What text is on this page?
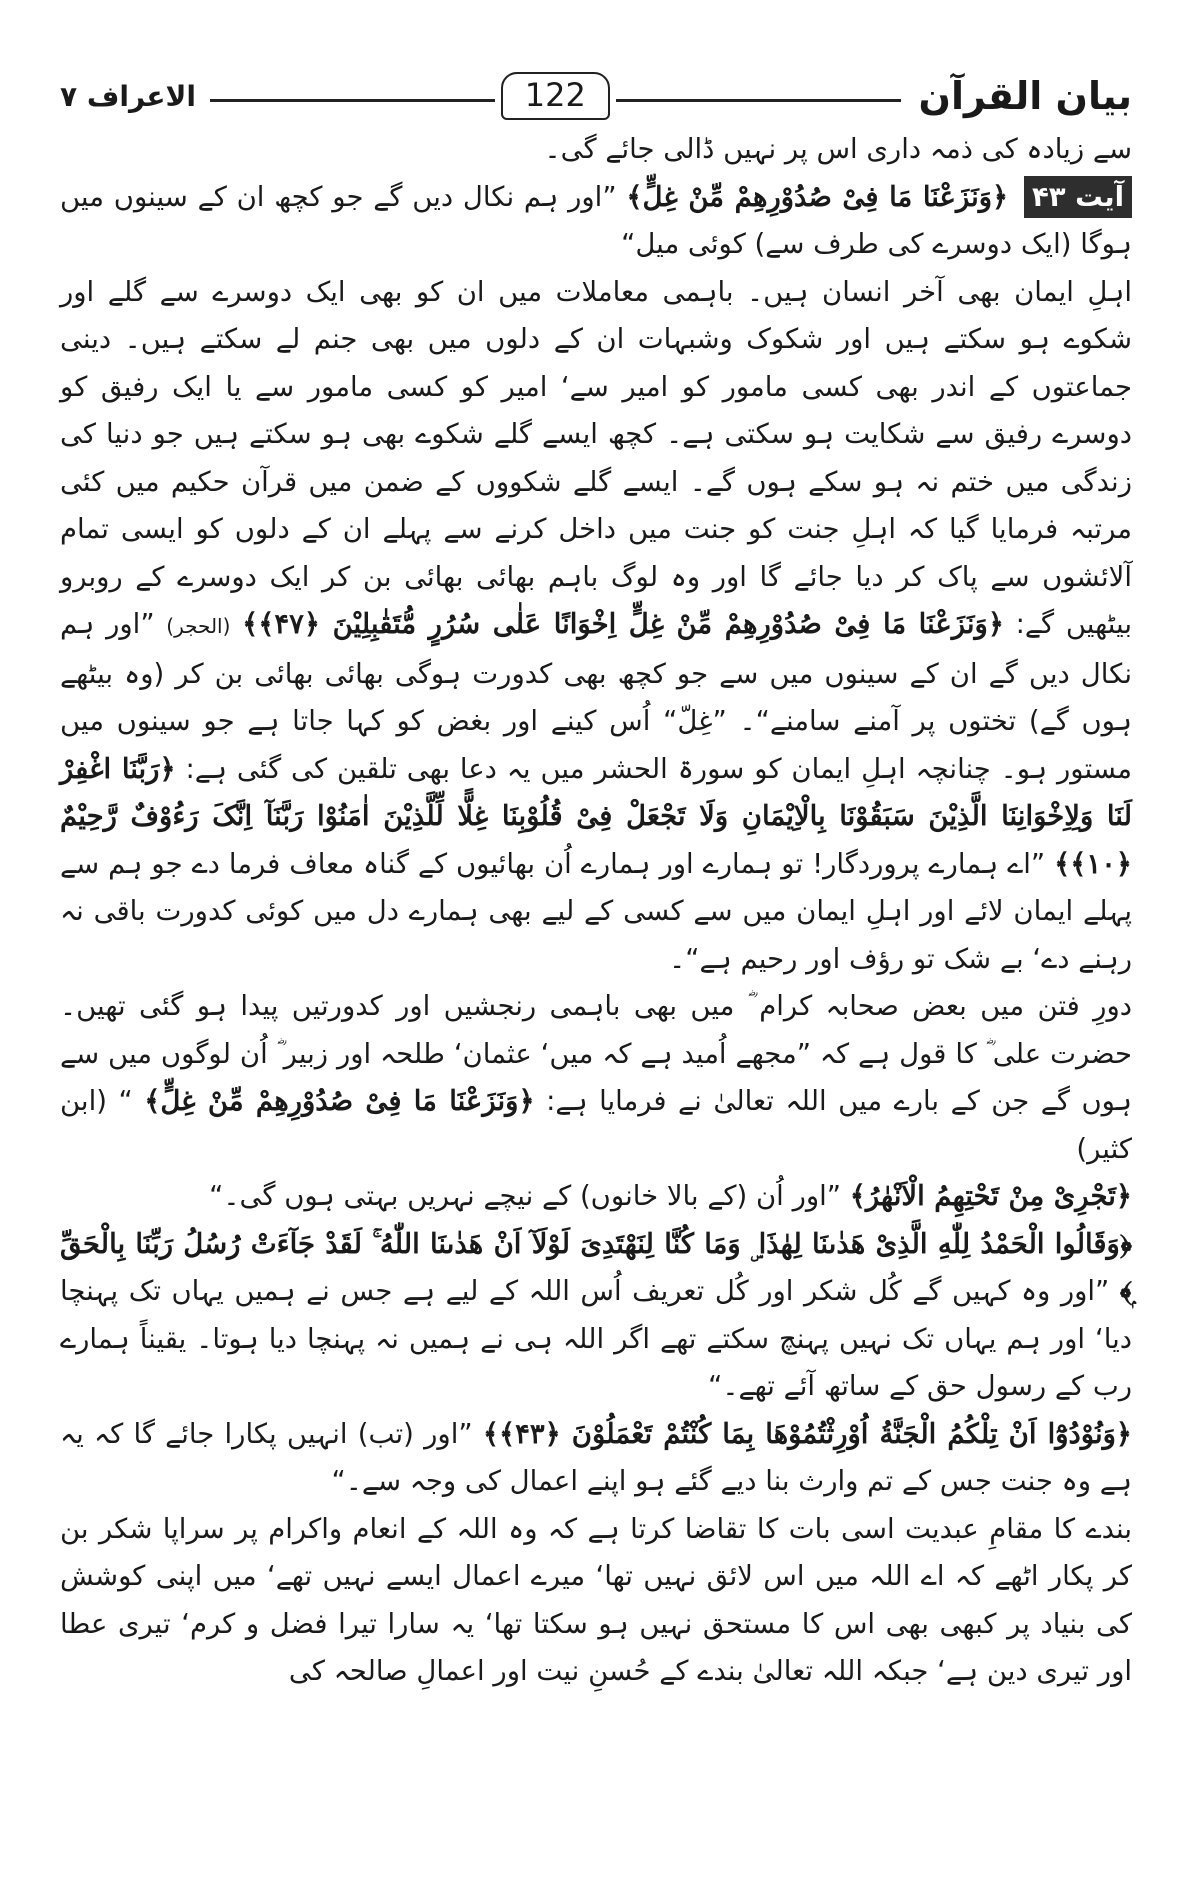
بیان القرآن
122
الاعراف ۷

سے زیادہ کی ذمہ داری اس پر نہیں ڈالی جائے گی۔

آیت ۴۳ ﴿وَنَزَعْنَا مَا فِیْ صُدُوْرِهِمْ مِّنْ غِلٍّ﴾ ”اور ہم نکال دیں گے جو کچھ ان کے سینوں میں ہوگا (ایک دوسرے کی طرف سے) کوئی میل“

اہلِ ایمان بھی آخر انسان ہیں۔ باہمی معاملات میں ان کو بھی ایک دوسرے سے گلے اور شکوے ہو سکتے ہیں اور شکوک وشبہات ان کے دلوں میں بھی جنم لے سکتے ہیں۔ دینی جماعتوں کے اندر بھی کسی مامور کو امیر سے‘ امیر کو کسی مامور سے یا ایک رفیق کو دوسرے رفیق سے شکایت ہو سکتی ہے۔ کچھ ایسے گلے شکوے بھی ہو سکتے ہیں جو دنیا کی زندگی میں ختم نہ ہو سکے ہوں گے۔ ایسے گلے شکووں کے ضمن میں قرآن حکیم میں کئی مرتبہ فرمایا گیا کہ اہلِ جنت کو جنت میں داخل کرنے سے پہلے ان کے دلوں کو ایسی تمام آلائشوں سے پاک کر دیا جائے گا اور وہ لوگ باہم بھائی بھائی بن کر ایک دوسرے کے روبرو بیٹھیں گے: ﴿وَنَزَعْنَا مَا فِیْ صُدُوْرِهِمْ مِّنْ غِلٍّ اِخْوَانًا عَلٰی سُرُرٍ مُّتَقٰبِلِیْنَ ﴿۴۷﴾﴾ (الحجر) ”اور ہم نکال دیں گے ان کے سینوں میں سے جو کچھ بھی کدورت ہوگی بھائی بھائی بن کر (وہ بیٹھے ہوں گے) تختوں پر آمنے سامنے“۔ ”غِلّ“ اُس کینے اور بغض کو کہا جاتا ہے جو سینوں میں مستور ہو۔ چنانچہ اہلِ ایمان کو سورۃ الحشر میں یہ دعا بھی تلقین کی گئی ہے: ﴿رَبَّنَا اغْفِرْ لَنَا وَلِاِخْوَانِنَا الَّذِیْنَ سَبَقُوْنَا بِالْاِیْمَانِ وَلَا تَجْعَلْ فِیْ قُلُوْبِنَا غِلًّا لِّلَّذِیْنَ اٰمَنُوْا رَبَّنَآ اِنَّکَ رَءُوْفٌ رَّحِیْمٌ ﴿۱۰﴾﴾ ”اے ہمارے پروردگار! تو ہمارے اور ہمارے اُن بھائیوں کے گناہ معاف فرما دے جو ہم سے پہلے ایمان لائے اور اہلِ ایمان میں سے کسی کے لیے بھی ہمارے دل میں کوئی کدورت باقی نہ رہنے دے‘ بے شک تو رؤف اور رحیم ہے“۔

دورِ فتن میں بعض صحابہ کرام ؓ میں بھی باہمی رنجشیں اور کدورتیں پیدا ہو گئی تھیں۔ حضرت علی ؓ کا قول ہے کہ ”مجھے اُمید ہے کہ میں‘ عثمان‘ طلحہ اور زبیر ؓ اُن لوگوں میں سے ہوں گے جن کے بارے میں اللہ تعالیٰ نے فرمایا ہے: ﴿وَنَزَعْنَا مَا فِیْ صُدُوْرِهِمْ مِّنْ غِلٍّ﴾ “ (ابن کثیر)

﴿تَجْرِیْ مِنْ تَحْتِهِمُ الْاَنْهٰرُ﴾ ”اور اُن (کے بالا خانوں) کے نیچے نہریں بہتی ہوں گی۔“

﴿وَقَالُوا الْحَمْدُ لِلّٰهِ الَّذِیْ هَدٰىنَا لِهٰذَا ۣ وَمَا کُنَّا لِنَهْتَدِیَ لَوْلَآ اَنْ هَدٰىنَا اللّٰهُ ۚ لَقَدْ جَآءَتْ رُسُلُ رَبِّنَا بِالْحَقِّ ۭ﴾ ”اور وہ کہیں گے کُل شکر اور کُل تعریف اُس اللہ کے لیے ہے جس نے ہمیں یہاں تک پہنچا دیا‘ اور ہم یہاں تک نہیں پہنچ سکتے تھے اگر اللہ ہی نے ہمیں نہ پہنچا دیا ہوتا۔ یقیناً ہمارے رب کے رسول حق کے ساتھ آئے تھے۔“

﴿وَنُوْدُوْٓا اَنْ تِلْکُمُ الْجَنَّةُ اُوْرِثْتُمُوْهَا بِمَا کُنْتُمْ تَعْمَلُوْنَ ﴿۴۳﴾﴾ ”اور (تب) انہیں پکارا جائے گا کہ یہ ہے وہ جنت جس کے تم وارث بنا دیے گئے ہو اپنے اعمال کی وجہ سے۔“

بندے کا مقامِ عبدیت اسی بات کا تقاضا کرتا ہے کہ وہ اللہ کے انعام واکرام پر سراپا شکر بن کر پکار اٹھے کہ اے اللہ میں اس لائق نہیں تھا‘ میرے اعمال ایسے نہیں تھے‘ میں اپنی کوشش کی بنیاد پر کبھی بھی اس کا مستحق نہیں ہو سکتا تھا‘ یہ سارا تیرا فضل و کرم‘ تیری عطا اور تیری دین ہے‘ جبکہ اللہ تعالیٰ بندے کے حُسنِ نیت اور اعمالِ صالحہ کی
